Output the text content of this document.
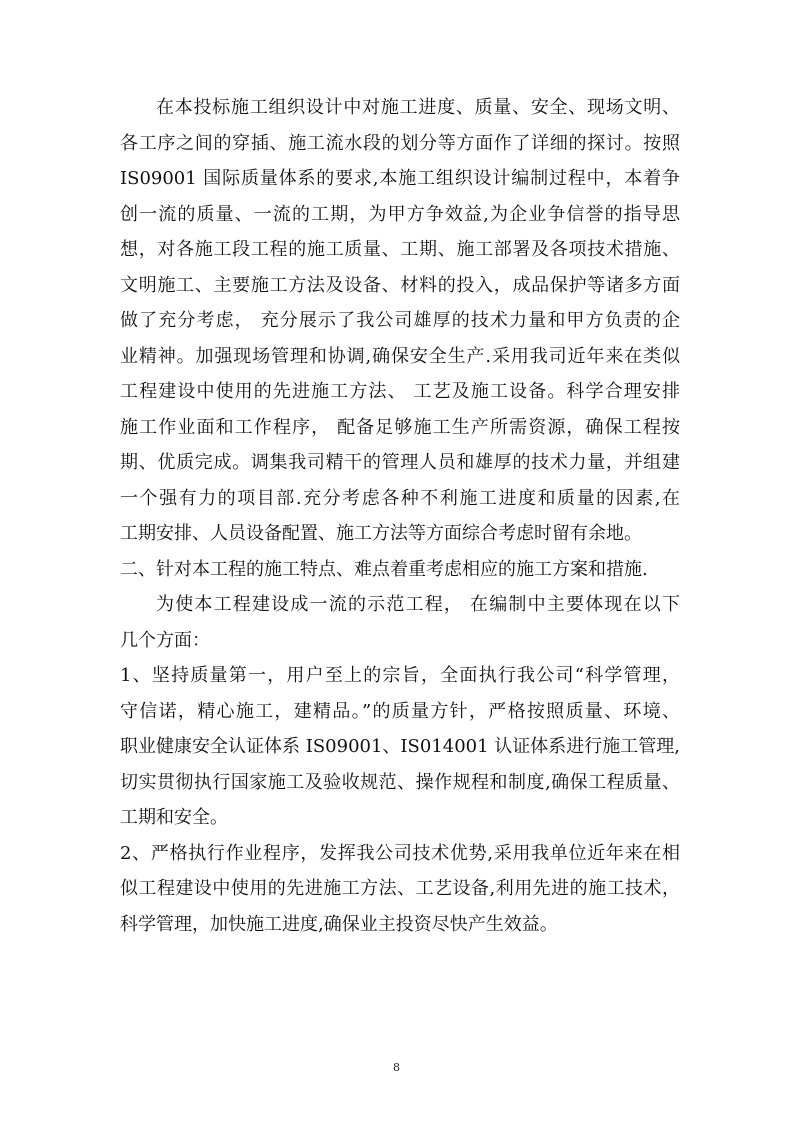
在本投标施工组织设计中对施工进度、质量、安全、现场文明、
各工序之间的穿插、施工流水段的划分等方面作了详细的探讨。按照
IS09001 国际质量体系的要求,本施工组织设计编制过程中，本着争
创一流的质量、一流的工期，为甲方争效益,为企业争信誉的指导思
想，对各施工段工程的施工质量、工期、施工部署及各项技术措施、
文明施工、主要施工方法及设备、材料的投入，成品保护等诸多方面
做了充分考虑， 充分展示了我公司雄厚的技术力量和甲方负责的企
业精神。加强现场管理和协调,确保安全生产.采用我司近年来在类似
工程建设中使用的先进施工方法、 工艺及施工设备。科学合理安排
施工作业面和工作程序， 配备足够施工生产所需资源，确保工程按
期、优质完成。调集我司精干的管理人员和雄厚的技术力量，并组建
一个强有力的项目部.充分考虑各种不利施工进度和质量的因素,在
工期安排、人员设备配置、施工方法等方面综合考虑时留有余地。
二、针对本工程的施工特点、难点着重考虑相应的施工方案和措施.
为使本工程建设成一流的示范工程， 在编制中主要体现在以下
几个方面：
1、坚持质量第一，用户至上的宗旨，全面执行我公司“科学管理，
守信诺，精心施工，建精品。”的质量方针，严格按照质量、环境、
职业健康安全认证体系 IS09001、IS014001 认证体系进行施工管理,
切实贯彻执行国家施工及验收规范、操作规程和制度,确保工程质量、
工期和安全。
2、严格执行作业程序，发挥我公司技术优势,采用我单位近年来在相
似工程建设中使用的先进施工方法、工艺设备,利用先进的施工技术，
科学管理，加快施工进度,确保业主投资尽快产生效益。
8
